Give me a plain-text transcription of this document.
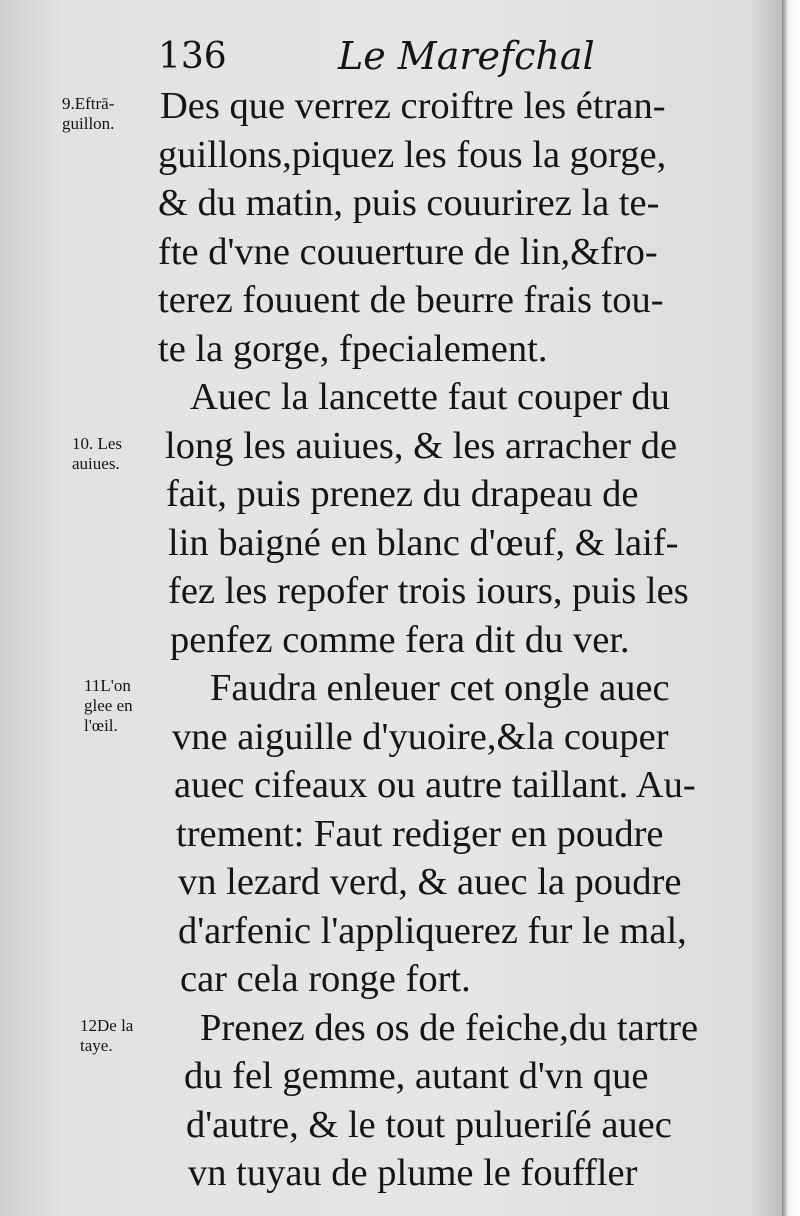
136	Le Marefchal
9.Eftrā-
guillon.
10. Les
auiues.
11L'on
glee en
l'œil.
12De la
taye.
Des que verrez croiftre les étran-
guillons,piquez les fous la gorge,
& du matin, puis couurirez la te-
fte d'vne couuerture de lin,&fro-
terez fouuent de beurre frais tou-
te la gorge, fpecialement.
Auec la lancette faut couper du
long les auiues, & les arracher de
fait, puis prenez du drapeau de
lin baigné en blanc d'œuf, & laif-
fez les repofer trois iours, puis les
penfez comme fera dit du ver.
Faudra enleuer cet ongle auec
vne aiguille d'yuoire,&la couper
auec cifeaux ou autre taillant. Au-
trement: Faut rediger en poudre
vn lezard verd, & auec la poudre
d'arfenic l'appliquerez fur le mal,
car cela ronge fort.
Prenez des os de feiche,du tartre
du fel gemme, autant d'vn que
d'autre, & le tout pulueriſé auec
vn tuyau de plume le fouffler
